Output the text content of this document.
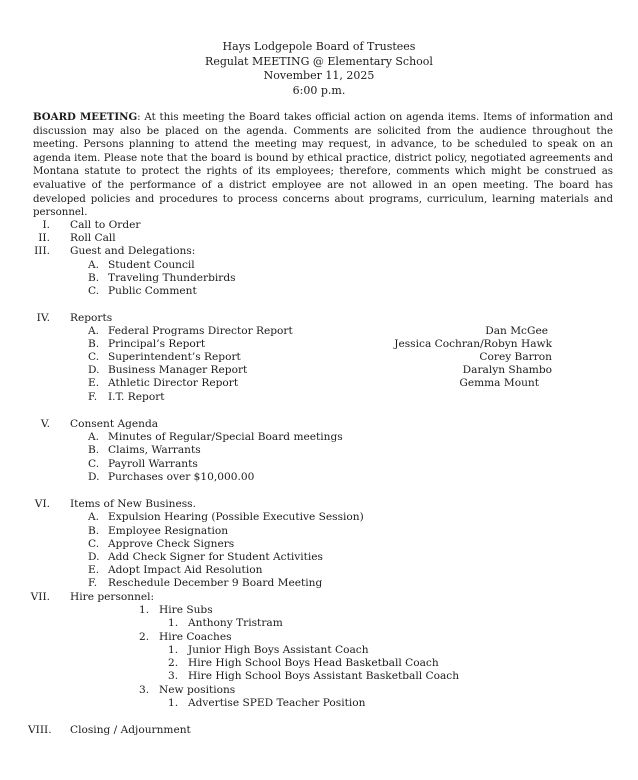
Hays Lodgepole Board of Trustees
Regulat MEETING @ Elementary School
November 11, 2025
6:00 p.m.
BOARD MEETING: At this meeting the Board takes official action on agenda items. Items of information and discussion may also be placed on the agenda. Comments are solicited from the audience throughout the meeting. Persons planning to attend the meeting may request, in advance, to be scheduled to speak on an agenda item. Please note that the board is bound by ethical practice, district policy, negotiated agreements and Montana statute to protect the rights of its employees; therefore, comments which might be construed as evaluative of the performance of a district employee are not allowed in an open meeting. The board has developed policies and procedures to process concerns about programs, curriculum, learning materials and personnel.
I. Call to Order
II. Roll Call
III. Guest and Delegations:
A. Student Council
B. Traveling Thunderbirds
C. Public Comment
IV. Reports
A. Federal Programs Director Report	Dan McGee
B. Principal’s Report	Jessica Cochran/Robyn Hawk
C. Superintendent’s Report	Corey Barron
D. Business Manager Report	Daralyn Shambo
E. Athletic Director Report	Gemma Mount
F. I.T. Report
V. Consent Agenda
A. Minutes of Regular/Special Board meetings
B. Claims, Warrants
C. Payroll Warrants
D. Purchases over $10,000.00
VI. Items of New Business.
A. Expulsion Hearing (Possible Executive Session)
B. Employee Resignation
C. Approve Check Signers
D. Add Check Signer for Student Activities
E. Adopt Impact Aid Resolution
F. Reschedule December 9 Board Meeting
VII. Hire personnel:
1. Hire Subs
1. Anthony Tristram
2. Hire Coaches
1. Junior High Boys Assistant Coach
2. Hire High School Boys Head Basketball Coach
3. Hire High School Boys Assistant Basketball Coach
3. New positions
1. Advertise SPED Teacher Position
VIII. Closing / Adjournment
